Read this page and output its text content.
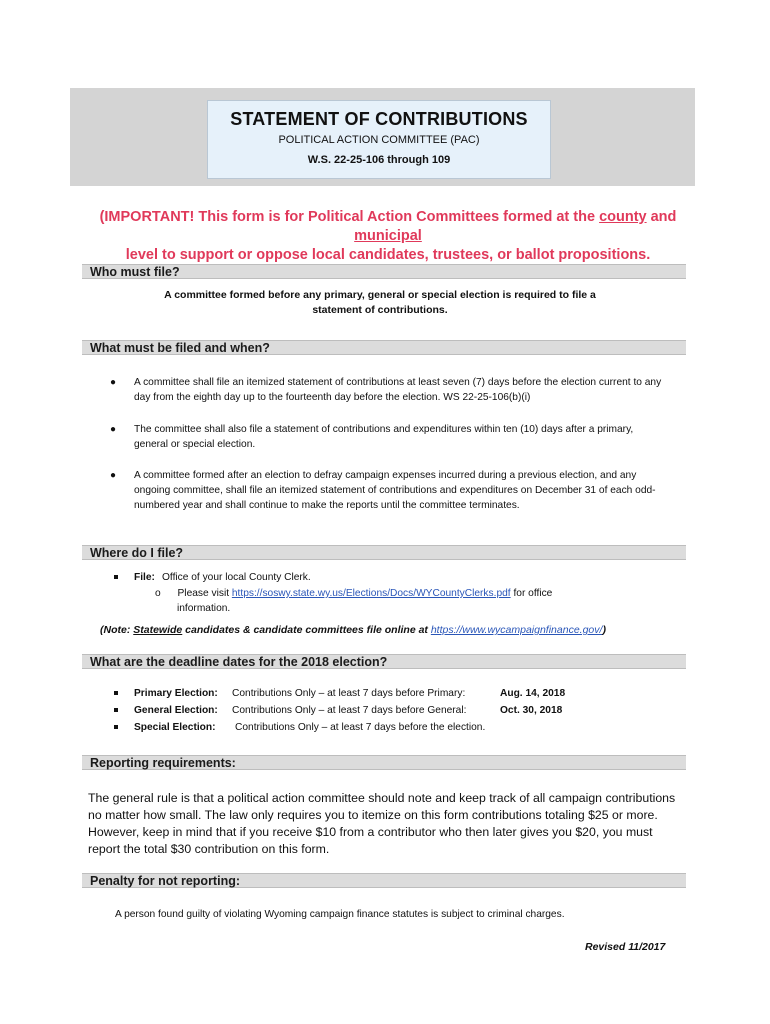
STATEMENT OF CONTRIBUTIONS
POLITICAL ACTION COMMITTEE (PAC)
W.S. 22-25-106 through 109
(IMPORTANT! This form is for Political Action Committees formed at the county and municipal
level to support or oppose local candidates, trustees, or ballot propositions.
Who must file?
A committee formed before any primary, general or special election is required to file a
statement of contributions.
What must be filed and when?
● A committee shall file an itemized statement of contributions at least seven (7) days before the election current to any day from the eighth day up to the fourteenth day before the election. WS 22-25-106(b)(i)
● The committee shall also file a statement of contributions and expenditures within ten (10) days after a primary, general or special election.
● A committee formed after an election to defray campaign expenses incurred during a previous election, and any ongoing committee, shall file an itemized statement of contributions and expenditures on December 31 of each odd-numbered year and shall continue to make the reports until the committee terminates.
Where do I file?
File: Office of your local County Clerk.
o Please visit https://soswy.state.wy.us/Elections/Docs/WYCountyClerks.pdf for office
information.
(Note: Statewide candidates & candidate committees file online at https://www.wycampaignfinance.gov/)
What are the deadline dates for the 2018 election?
Primary Election: Contributions Only – at least 7 days before Primary:	Aug. 14, 2018
General Election: Contributions Only – at least 7 days before General:	Oct. 30, 2018
Special Election: Contributions Only – at least 7 days before the election.
Reporting requirements:
The general rule is that a political action committee should note and keep track of all campaign contributions no matter how small. The law only requires you to itemize on this form contributions totaling $25 or more. However, keep in mind that if you receive $10 from a contributor who then later gives you $20, you must report the total $30 contribution on this form.
Penalty for not reporting:
A person found guilty of violating Wyoming campaign finance statutes is subject to criminal charges.
Revised 11/2017
